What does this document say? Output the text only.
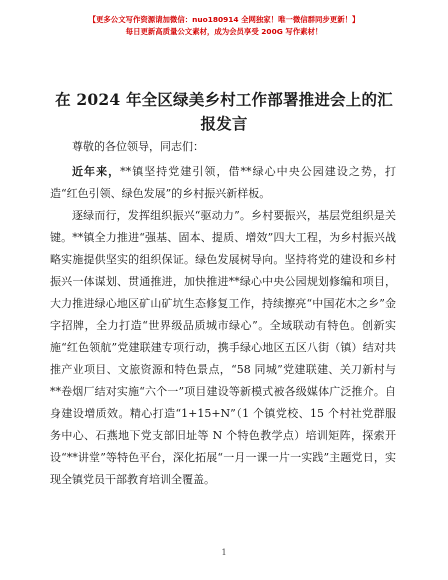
【更多公文写作资源请加微信：nuo180914 全网独家！唯一微信群同步更新！】
每日更新高质量公文素材，成为会员享受 200G 写作素材！
在 2024 年全区绿美乡村工作部署推进会上的汇报发言

尊敬的各位领导，同志们：

近年来，**镇坚持党建引领，借**绿心中央公园建设之势，打造“红色引领、绿色发展”的乡村振兴新样板。

逐绿而行，发挥组织振兴“驱动力”。乡村要振兴，基层党组织是关键。**镇全力推进“强基、固本、提质、增效”四大工程，为乡村振兴战略实施提供坚实的组织保证。绿色发展树导向。坚持将党的建设和乡村振兴一体谋划、贯通推进，加快推进**绿心中央公园规划修编和项目，大力推进绿心地区矿山矿坑生态修复工作，持续擦亮“中国花木之乡”金字招牌，全力打造“世界级品质城市绿心”。全域联动有特色。创新实施“红色领航”党建联建专项行动，携手绿心地区五区八街（镇）结对共推产业项目、文旅资源和特色景点，“58 同城”党建联建、关刀新村与**卷烟厂结对实施“六个一”项目建设等新模式被各级媒体广泛推介。自身建设增质效。精心打造“1+15+N”（1 个镇党校、15 个村社党群服务中心、石燕地下党支部旧址等 N 个特色教学点）培训矩阵，探索开设“**讲堂”等特色平台，深化拓展“一月一课一片一实践”主题党日，实现全镇党员干部教育培训全覆盖。

1
